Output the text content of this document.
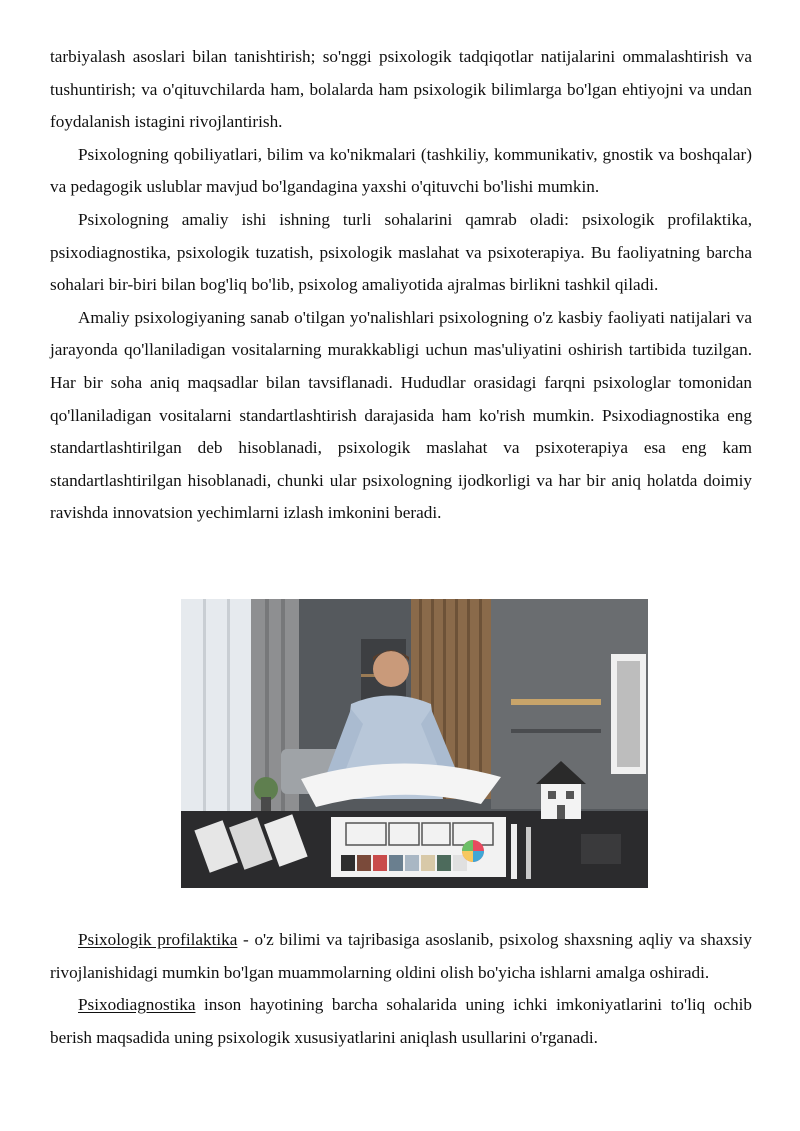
tarbiyalash asoslari bilan tanishtirish; so'nggi psixologik tadqiqotlar natijalarini ommalashtirish va tushuntirish; va o'qituvchilarda ham, bolalarda ham psixologik bilimlarga bo'lgan ehtiyojni va undan foydalanish istagini rivojlantirish.

Psixologning qobiliyatlari, bilim va ko'nikmalari (tashkiliy, kommunikativ, gnostik va boshqalar) va pedagogik uslublar mavjud bo'lgandagina yaxshi o'qituvchi bo'lishi mumkin.

Psixologning amaliy ishi ishning turli sohalarini qamrab oladi: psixologik profilaktika, psixodiagnostika, psixologik tuzatish, psixologik maslahat va psixoterapiya. Bu faoliyatning barcha sohalari bir-biri bilan bog'liq bo'lib, psixolog amaliyotida ajralmas birlikni tashkil qiladi.

Amaliy psixologiyaning sanab o'tilgan yo'nalishlari psixologning o'z kasbiy faoliyati natijalari va jarayonda qo'llaniladigan vositalarning murakkabligi uchun mas'uliyatini oshirish tartibida tuzilgan. Har bir soha aniq maqsadlar bilan tavsiflanadi. Hududlar orasidagi farqni psixologlar tomonidan qo'llaniladigan vositalarni standartlashtirish darajasida ham ko'rish mumkin. Psixodiagnostika eng standartlashtirilgan deb hisoblanadi, psixologik maslahat va psixoterapiya esa eng kam standartlashtirilgan hisoblanadi, chunki ular psixologning ijodkorligi va har bir aniq holatda doimiy ravishda innovatsion yechimlarni izlash imkonini beradi.

Psixologik profilaktika - o'z bilimi va tajribasiga asoslanib, psixolog shaxsning aqliy va shaxsiy rivojlanishidagi mumkin bo'lgan muammolarning oldini olish bo'yicha ishlarni amalga oshiradi.

Psixodiagnostika inson hayotining barcha sohalarida uning ichki imkoniyatlarini to'liq ochib berish maqsadida uning psixologik xususiyatlarini aniqlash usullarini o'rganadi.
